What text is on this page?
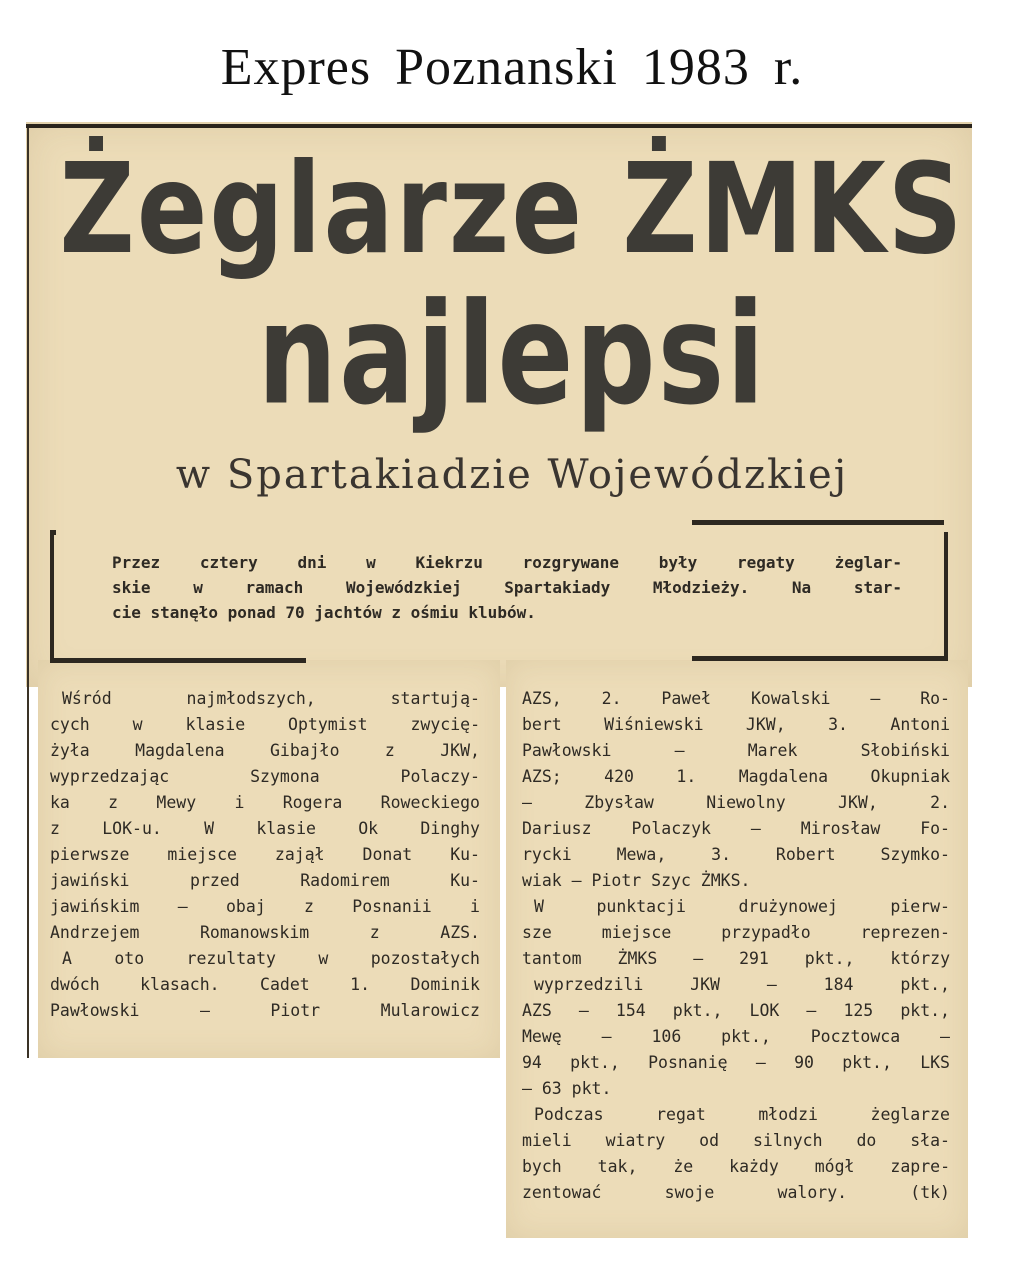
Expres Poznanski 1983 r.
Żeglarze ŻMKS
najlepsi
w Spartakiadzie Wojewódzkiej
Przez cztery dni w Kiekrzu rozgrywane były regaty żeglar-
skie w ramach Wojewódzkiej Spartakiady Młodzieży. Na star-
cie stanęło ponad 70 jachtów z ośmiu klubów.
Wśród najmłodszych, startują-
cych w klasie Optymist zwycię-
żyła Magdalena Gibajło z JKW,
wyprzedzając Szymona Polaczy-
ka z Mewy i Rogera Roweckiego
z LOK-u. W klasie Ok Dinghy
pierwsze miejsce zajął Donat Ku-
jawiński przed Radomirem Ku-
jawińskim — obaj z Posnanii i
Andrzejem Romanowskim z AZS.
A oto rezultaty w pozostałych
dwóch klasach. Cadet 1. Dominik
Pawłowski — Piotr Mularowicz
AZS, 2. Paweł Kowalski — Ro-
bert Wiśniewski JKW, 3. Antoni
Pawłowski — Marek Słobiński
AZS; 420 1. Magdalena Okupniak
— Zbysław Niewolny JKW, 2.
Dariusz Polaczyk — Mirosław Fo-
rycki Mewa, 3. Robert Szymko-
wiak — Piotr Szyc ŻMKS.
W punktacji drużynowej pierw-
sze miejsce przypadło reprezen-
tantom ŻMKS — 291 pkt., którzy
wyprzedzili JKW — 184 pkt.,
AZS — 154 pkt., LOK — 125 pkt.,
Mewę — 106 pkt., Pocztowca —
94 pkt., Posnanię — 90 pkt., LKS
— 63 pkt.
Podczas regat młodzi żeglarze
mieli wiatry od silnych do sła-
bych tak, że każdy mógł zapre-
zentować swoje walory. (tk)
